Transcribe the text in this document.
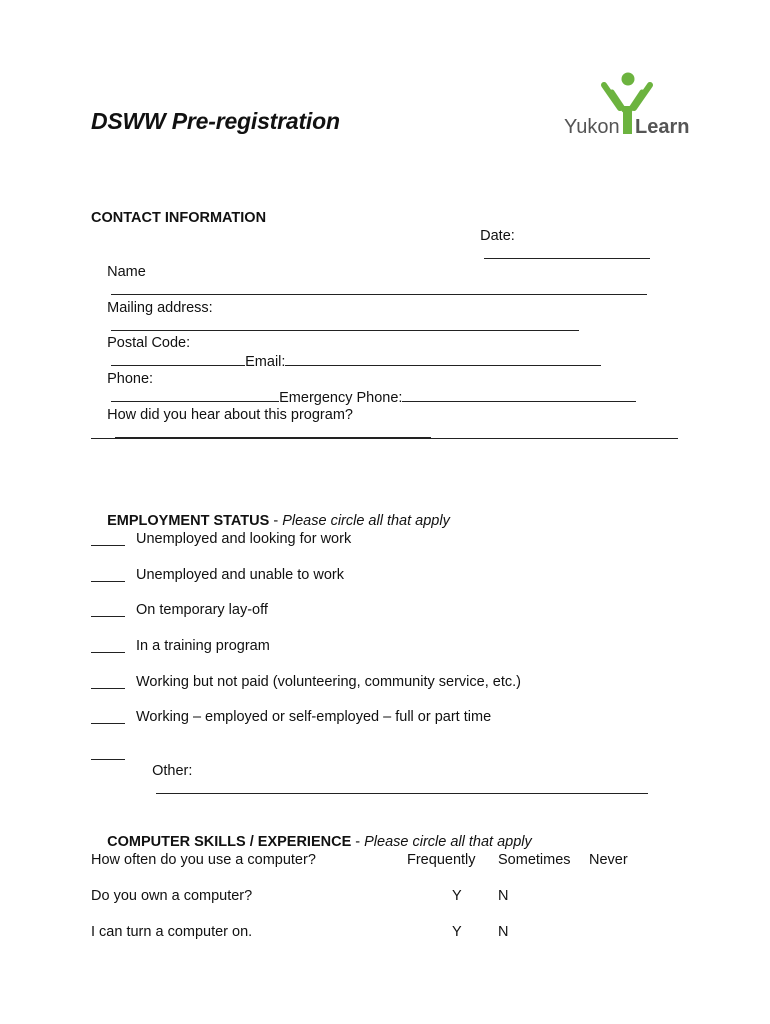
DSWW Pre-registration	Yukon Learn
CONTACT INFORMATION

Date:

Name

Mailing address:

Postal Code:
Email:

Phone:
Emergency Phone:

How did you hear about this program?

EMPLOYMENT STATUS - Please circle all that apply

Unemployed and looking for work
Unemployed and unable to work
On temporary lay-off
In a training program
Working but not paid (volunteering, community service, etc.)
Working – employed or self-employed – full or part time

Other:

COMPUTER SKILLS / EXPERIENCE - Please circle all that apply

How often do you use a computer?	Frequently Sometimes Never
Do you own a computer?	Y	N
I can turn a computer on.	Y	N
